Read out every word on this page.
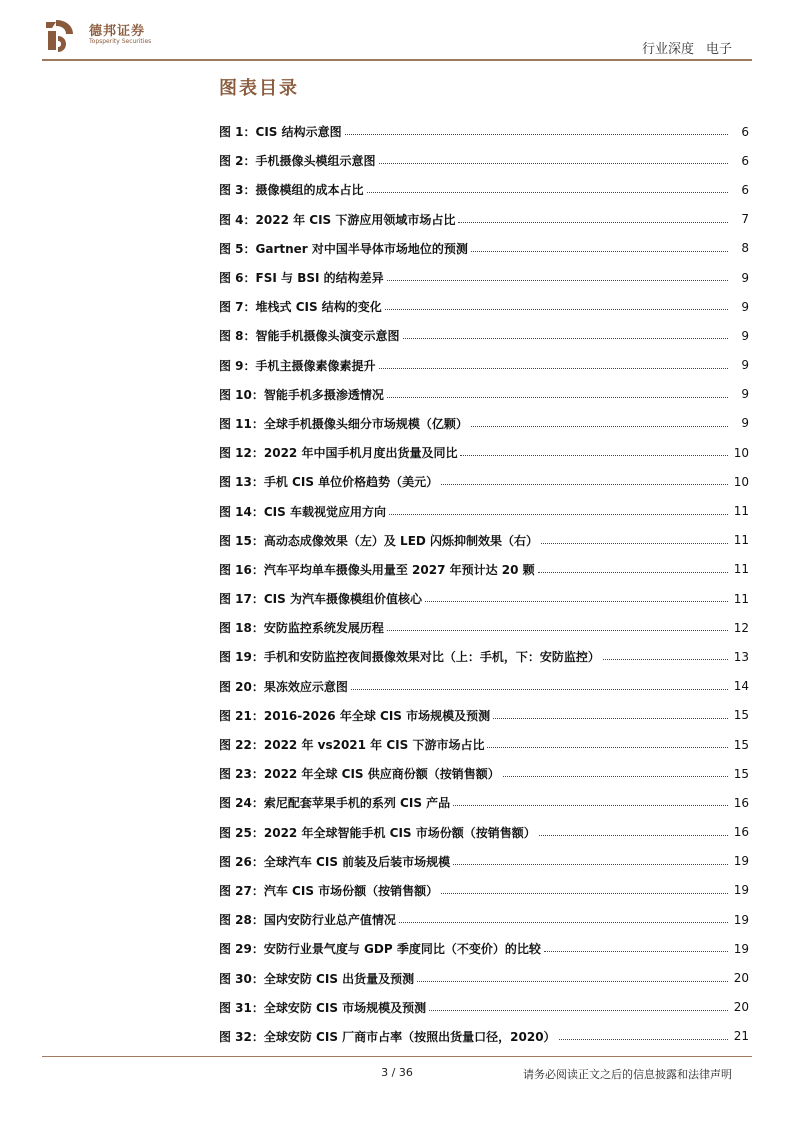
德邦证券
Topsperity Securities
行业深度 电子
图表目录
图 1：CIS 结构示意图	6
图 2：手机摄像头模组示意图	6
图 3：摄像模组的成本占比	6
图 4：2022 年 CIS 下游应用领域市场占比	7
图 5：Gartner 对中国半导体市场地位的预测	8
图 6：FSI 与 BSI 的结构差异	9
图 7：堆栈式 CIS 结构的变化	9
图 8：智能手机摄像头演变示意图	9
图 9：手机主摄像素像素提升	9
图 10：智能手机多摄渗透情况	9
图 11：全球手机摄像头细分市场规模（亿颗）	9
图 12：2022 年中国手机月度出货量及同比	10
图 13：手机 CIS 单位价格趋势（美元）	10
图 14：CIS 车载视觉应用方向	11
图 15：高动态成像效果（左）及 LED 闪烁抑制效果（右）	11
图 16：汽车平均单车摄像头用量至 2027 年预计达 20 颗	11
图 17：CIS 为汽车摄像模组价值核心	11
图 18：安防监控系统发展历程	12
图 19：手机和安防监控夜间摄像效果对比（上：手机，下：安防监控）	13
图 20：果冻效应示意图	14
图 21：2016-2026 年全球 CIS 市场规模及预测	15
图 22：2022 年 vs2021 年 CIS 下游市场占比	15
图 23：2022 年全球 CIS 供应商份额（按销售额）	15
图 24：索尼配套苹果手机的系列 CIS 产品	16
图 25：2022 年全球智能手机 CIS 市场份额（按销售额）	16
图 26：全球汽车 CIS 前装及后装市场规模	19
图 27：汽车 CIS 市场份额（按销售额）	19
图 28：国内安防行业总产值情况	19
图 29：安防行业景气度与 GDP 季度同比（不变价）的比较	19
图 30：全球安防 CIS 出货量及预测	20
图 31：全球安防 CIS 市场规模及预测	20
图 32：全球安防 CIS 厂商市占率（按照出货量口径，2020）	21
3 / 36	请务必阅读正文之后的信息披露和法律声明
